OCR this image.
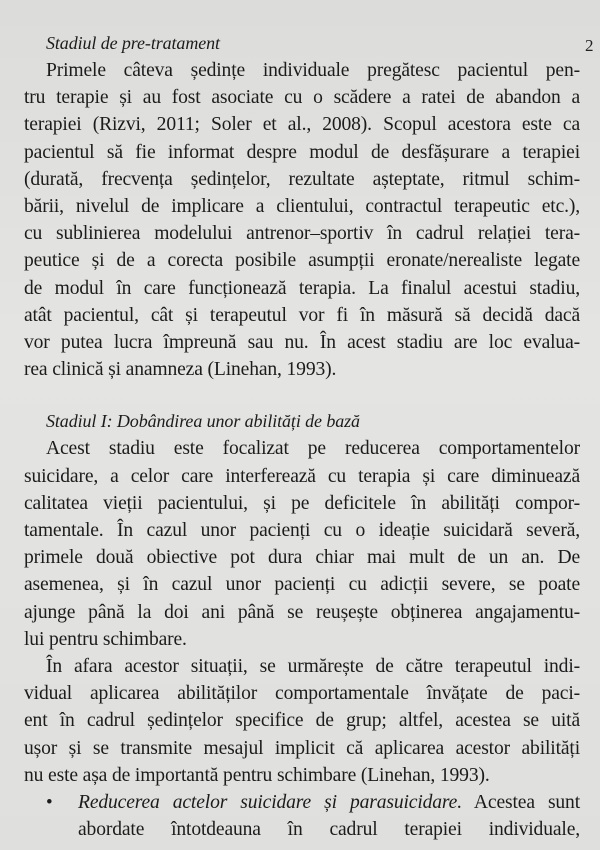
2

Stadiul de pre-tratament

Primele câteva ședințe individuale pregătesc pacientul pen-
tru terapie și au fost asociate cu o scădere a ratei de abandon a
terapiei (Rizvi, 2011; Soler et al., 2008). Scopul acestora este ca
pacientul să fie informat despre modul de desfășurare a terapiei
(durată, frecvența ședințelor, rezultate așteptate, ritmul schim-
bării, nivelul de implicare a clientului, contractul terapeutic etc.),
cu sublinierea modelului antrenor–sportiv în cadrul relației tera-
peutice și de a corecta posibile asumpții eronate/nerealiste legate
de modul în care funcționează terapia. La finalul acestui stadiu,
atât pacientul, cât și terapeutul vor fi în măsură să decidă dacă
vor putea lucra împreună sau nu. În acest stadiu are loc evalua-
rea clinică și anamneza (Linehan, 1993).

Stadiul I: Dobândirea unor abilități de bază

Acest stadiu este focalizat pe reducerea comportamentelor
suicidare, a celor care interferează cu terapia și care diminuează
calitatea vieții pacientului, și pe deficitele în abilități compor-
tamentale. În cazul unor pacienți cu o ideație suicidară severă,
primele două obiective pot dura chiar mai mult de un an. De
asemenea, și în cazul unor pacienți cu adicții severe, se poate
ajunge până la doi ani până se reușește obținerea angajamentu-
lui pentru schimbare.

În afara acestor situații, se urmărește de către terapeutul indi-
vidual aplicarea abilităților comportamentale învățate de paci-
ent în cadrul ședințelor specifice de grup; altfel, acestea se uită
ușor și se transmite mesajul implicit că aplicarea acestor abilități
nu este așa de importantă pentru schimbare (Linehan, 1993).

• Reducerea actelor suicidare și parasuicidare. Acestea sunt
abordate întotdeauna în cadrul terapiei individuale,
